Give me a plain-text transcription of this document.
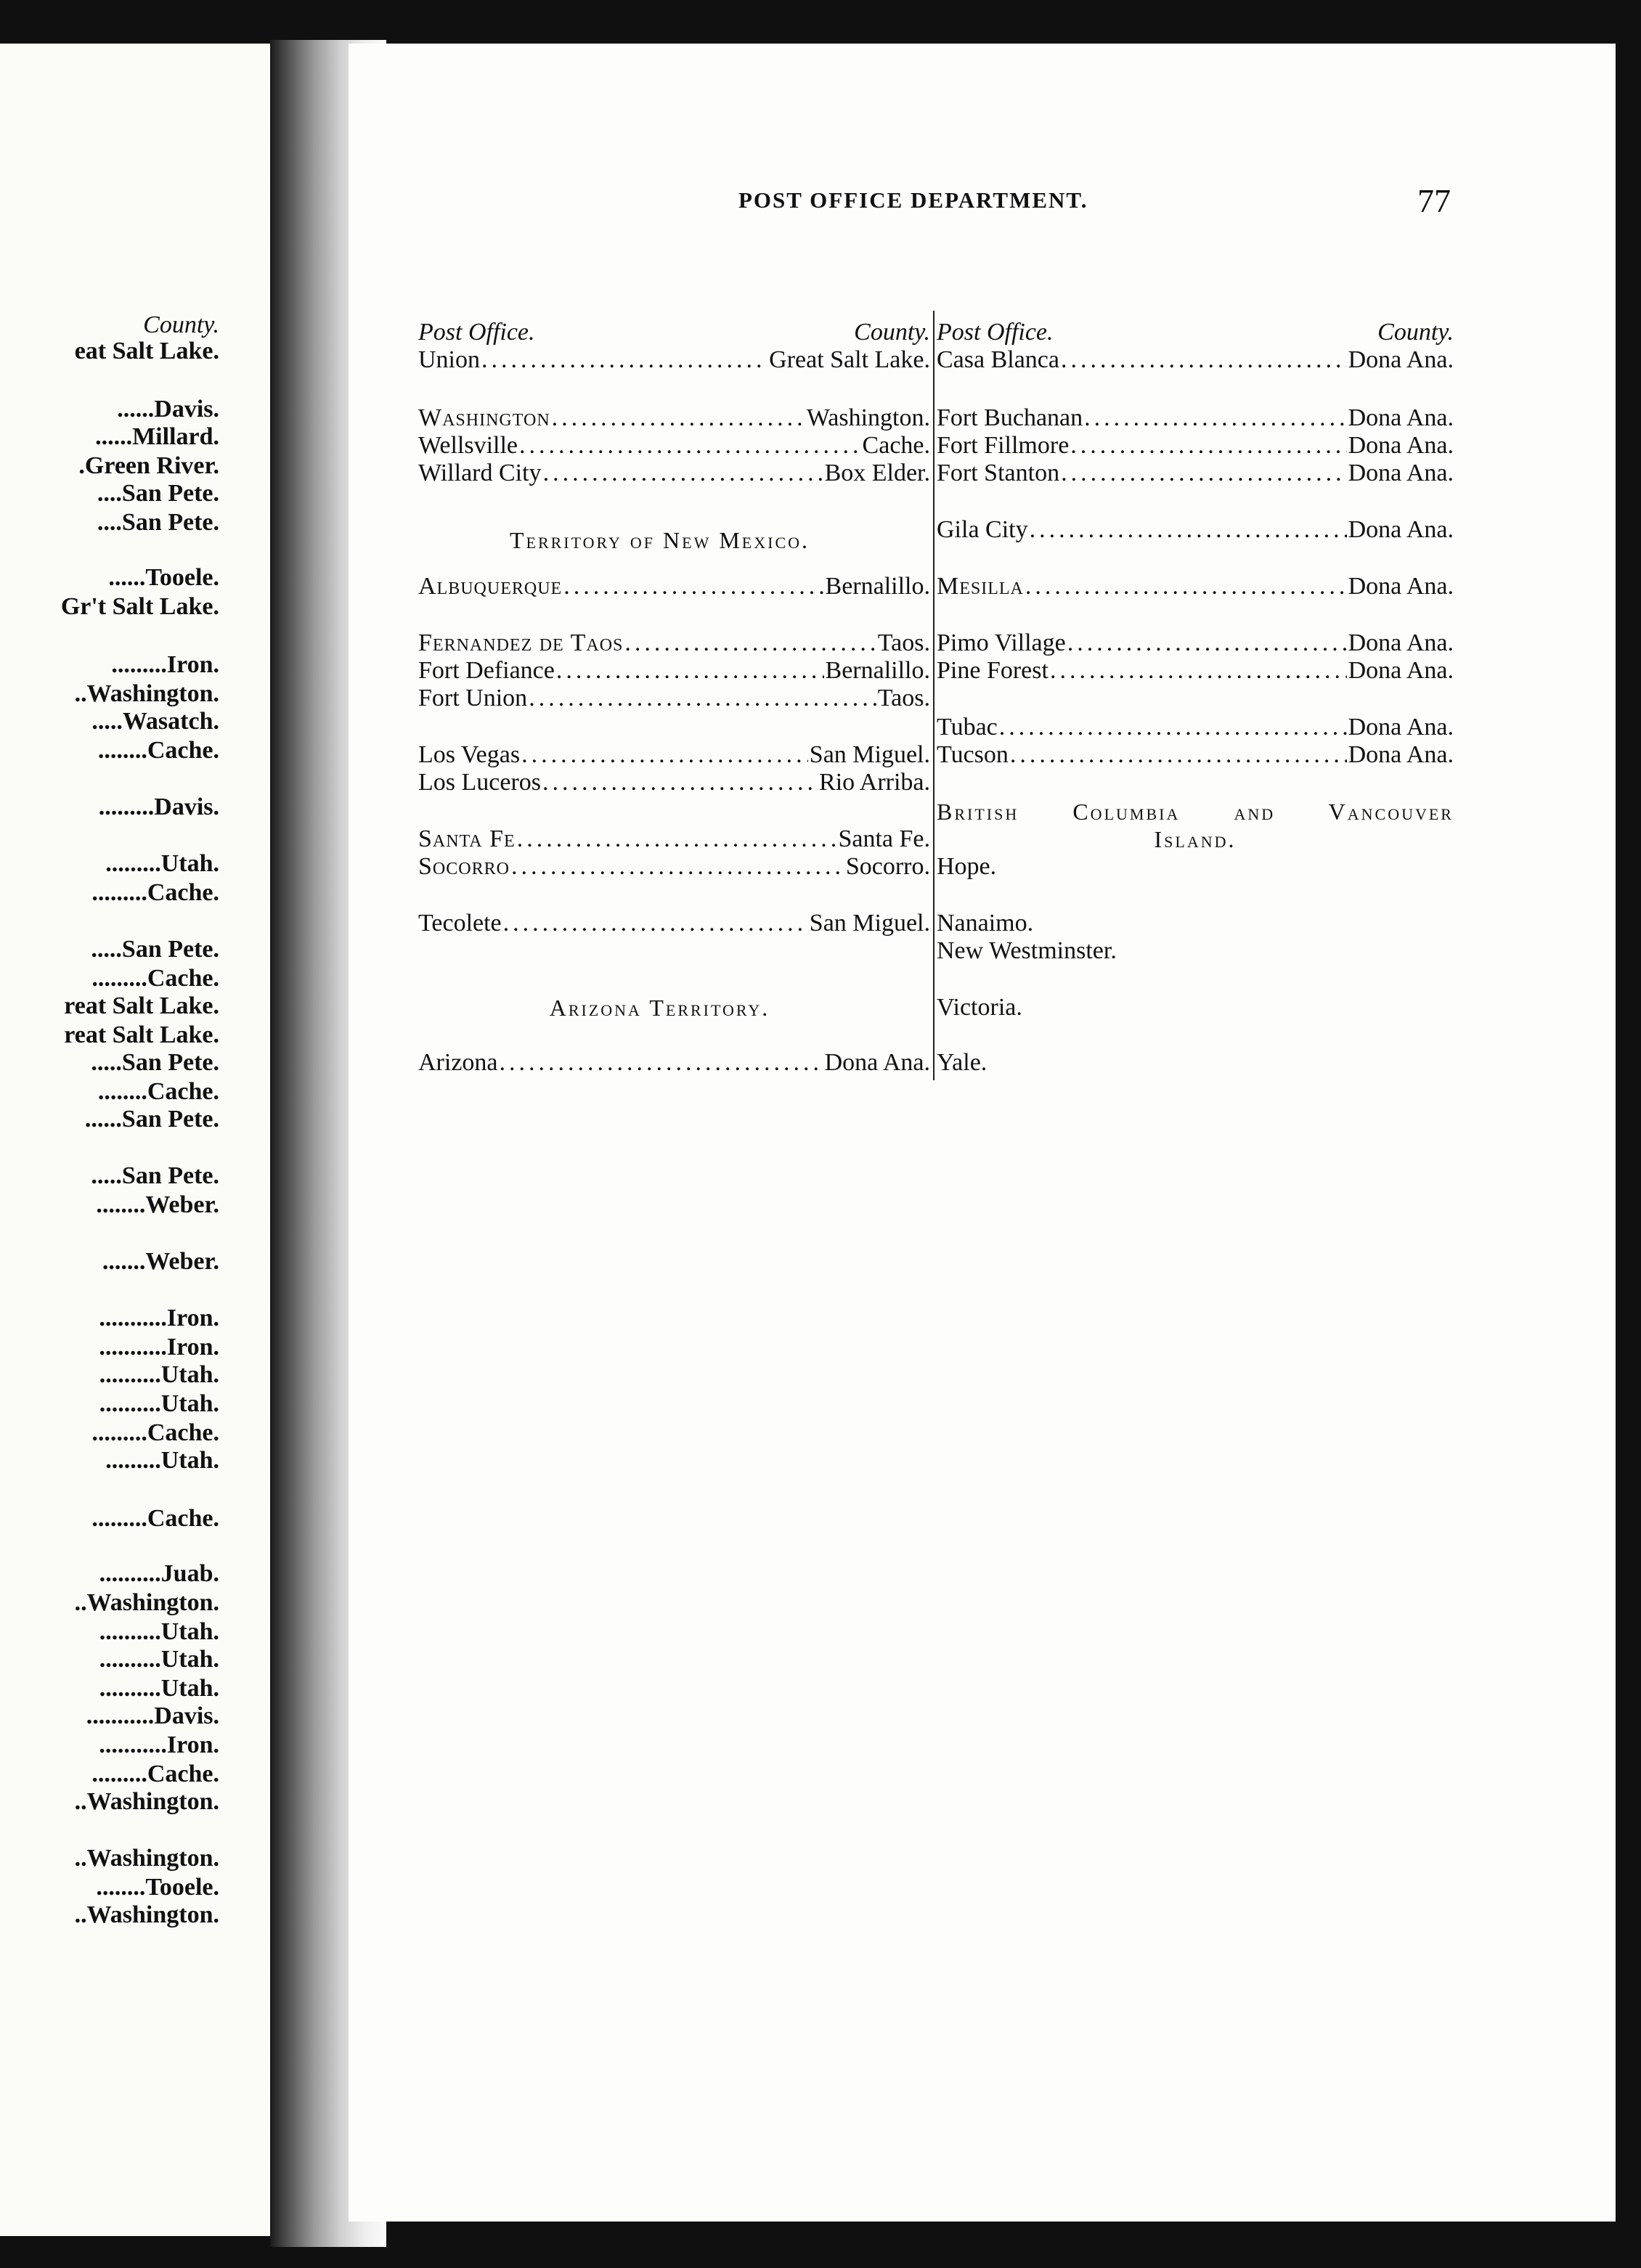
County.
eat Salt Lake.
......Davis.
......Millard.
.Green River.
....San Pete.
....San Pete.
......Tooele.
Gr't Salt Lake.
.........Iron.
..Washington.
.....Wasatch.
........Cache.
.........Davis.
.........Utah.
.........Cache.
.....San Pete.
.........Cache.
reat Salt Lake.
reat Salt Lake.
.....San Pete.
........Cache.
......San Pete.
.....San Pete.
........Weber.
.......Weber.
...........Iron.
...........Iron.
..........Utah.
..........Utah.
.........Cache.
.........Utah.
.........Cache.
..........Juab.
..Washington.
..........Utah.
..........Utah.
..........Utah.
...........Davis.
...........Iron.
.........Cache.
..Washington.
..Washington.
........Tooele.
..Washington.
POST OFFICE DEPARTMENT.	77
Post Office.	County.
Union .....	Great Salt Lake.
Washington .....	Washington.
Wellsville .....	Cache.
Willard City .....	Box Elder.
Territory of New Mexico.
Albuquerque .....	Bernalillo.
Fernandez de Taos .....	Taos.
Fort Defiance .....	Bernalillo.
Fort Union .....	Taos.
Los Vegas .....	San Miguel.
Los Luceros .....	Rio Arriba.
Santa Fe .....	Santa Fe.
Socorro .....	Socorro.
Tecolete .....	San Miguel.
Arizona Territory.
Arizona .....	Dona Ana.
Post Office.	County.
Casa Blanca .....	Dona Ana.
Fort Buchanan .....	Dona Ana.
Fort Fillmore .....	Dona Ana.
Fort Stanton .....	Dona Ana.
Gila City .....	Dona Ana.
Mesilla .....	Dona Ana.
Pimo Village .....	Dona Ana.
Pine Forest .....	Dona Ana.
Tubac .....	Dona Ana.
Tucson .....	Dona Ana.
British Columbia and Vancouver
Island.
Hope.
Nanaimo.
New Westminster.
Victoria.
Yale.
